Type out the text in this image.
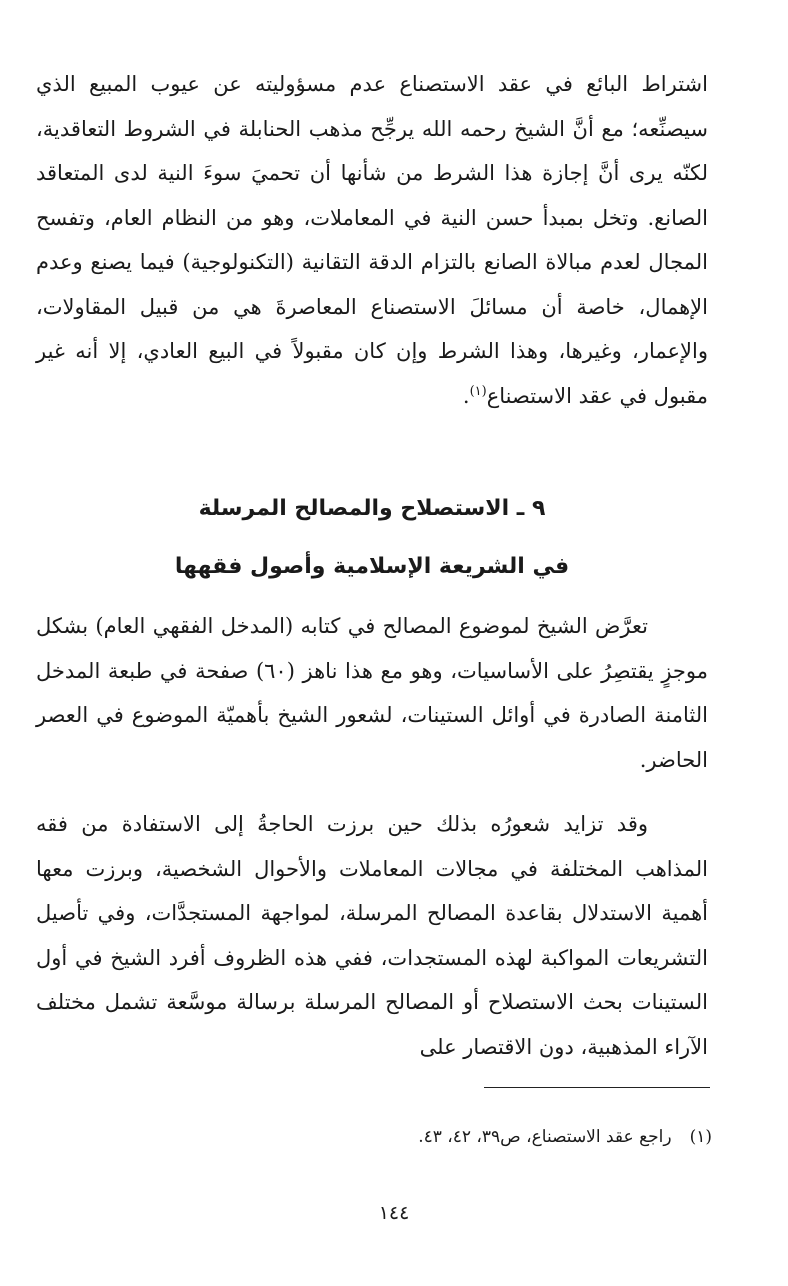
اشتراط البائع في عقد الاستصناع عدم مسؤوليته عن عيوب المبيع الذي سيصنِّعه؛ مع أنَّ الشيخ رحمه الله يرجِّح مذهب الحنابلة في الشروط التعاقدية، لكنّه يرى أنَّ إجازة هذا الشرط من شأنها أن تحميَ سوءَ النية لدى المتعاقد الصانع. وتخل بمبدأ حسن النية في المعاملات، وهو من النظام العام، وتفسح المجال لعدم مبالاة الصانع بالتزام الدقة التقانية (التكنولوجية) فيما يصنع وعدم الإهمال، خاصة أن مسائلَ الاستصناع المعاصرةَ هي من قبيل المقاولات، والإعمار، وغيرها، وهذا الشرط وإن كان مقبولاً في البيع العادي، إلا أنه غير مقبول في عقد الاستصناع$^{(١)}$.

٩ ـ الاستصلاح والمصالح المرسلة

في الشريعة الإسلامية وأصول فقهها

تعرَّض الشيخ لموضوع المصالح في كتابه (المدخل الفقهي العام) بشكل موجزٍ يقتصِرُ على الأساسيات، وهو مع هذا ناهز (٦٠) صفحة في طبعة المدخل الثامنة الصادرة في أوائل الستينات، لشعور الشيخ بأهميّة الموضوع في العصر الحاضر.

وقد تزايد شعورُه بذلك حين برزت الحاجةُ إلى الاستفادة من فقه المذاهب المختلفة في مجالات المعاملات والأحوال الشخصية، وبرزت معها أهمية الاستدلال بقاعدة المصالح المرسلة، لمواجهة المستجدَّات، وفي تأصيل التشريعات المواكبة لهذه المستجدات، ففي هذه الظروف أفرد الشيخ في أول الستينات بحث الاستصلاح أو المصالح المرسلة برسالة موسَّعة تشمل مختلف الآراء المذهبية، دون الاقتصار على

(١)راجع عقد الاستصناع، ص٣٩، ٤٢، ٤٣.
١٤٤
